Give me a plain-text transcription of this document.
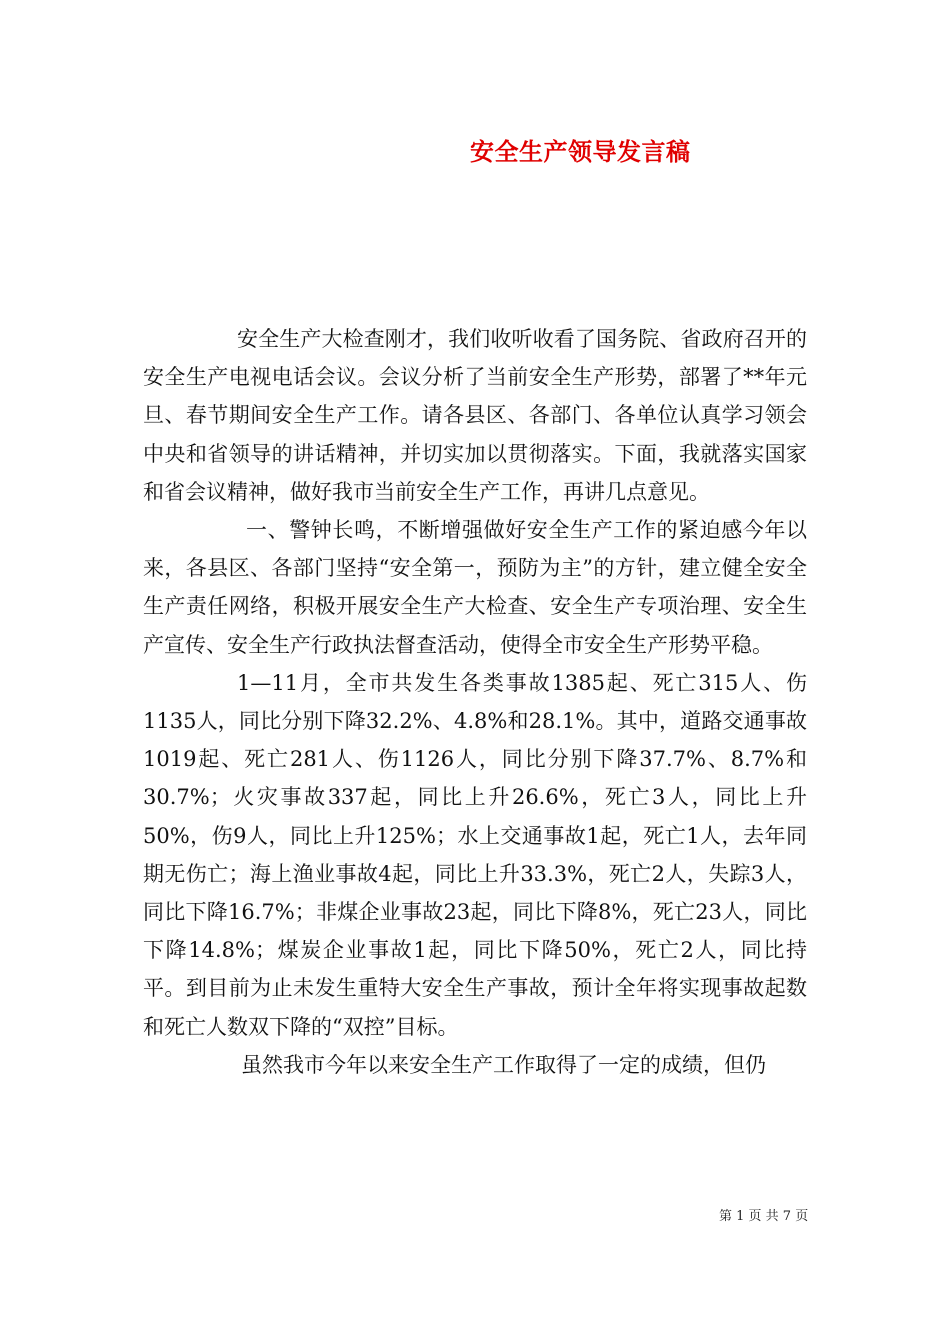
安全生产领导发言稿

安全生产大检查刚才，我们收听收看了国务院、省政府召开的安全生产电视电话会议。会议分析了当前安全生产形势，部署了**年元旦、春节期间安全生产工作。请各县区、各部门、各单位认真学习领会中央和省领导的讲话精神，并切实加以贯彻落实。下面，我就落实国家和省会议精神，做好我市当前安全生产工作，再讲几点意见。

一、警钟长鸣，不断增强做好安全生产工作的紧迫感今年以来，各县区、各部门坚持“安全第一，预防为主”的方针，建立健全安全生产责任网络，积极开展安全生产大检查、安全生产专项治理、安全生产宣传、安全生产行政执法督查活动，使得全市安全生产形势平稳。

1—11月，全市共发生各类事故1385起、死亡315人、伤1135人，同比分别下降32.2%、4.8%和28.1%。其中，道路交通事故1019起、死亡281人、伤1126人，同比分别下降37.7%、8.7%和30.7%；火灾事故337起，同比上升26.6%，死亡3人，同比上升50%，伤9人，同比上升125%；水上交通事故1起，死亡1人，去年同期无伤亡；海上渔业事故4起，同比上升33.3%，死亡2人，失踪3人，同比下降16.7%；非煤企业事故23起，同比下降8%，死亡23人，同比下降14.8%；煤炭企业事故1起，同比下降50%，死亡2人，同比持平。到目前为止未发生重特大安全生产事故，预计全年将实现事故起数和死亡人数双下降的“双控”目标。

虽然我市今年以来安全生产工作取得了一定的成绩，但仍

第 1 页 共 7 页
